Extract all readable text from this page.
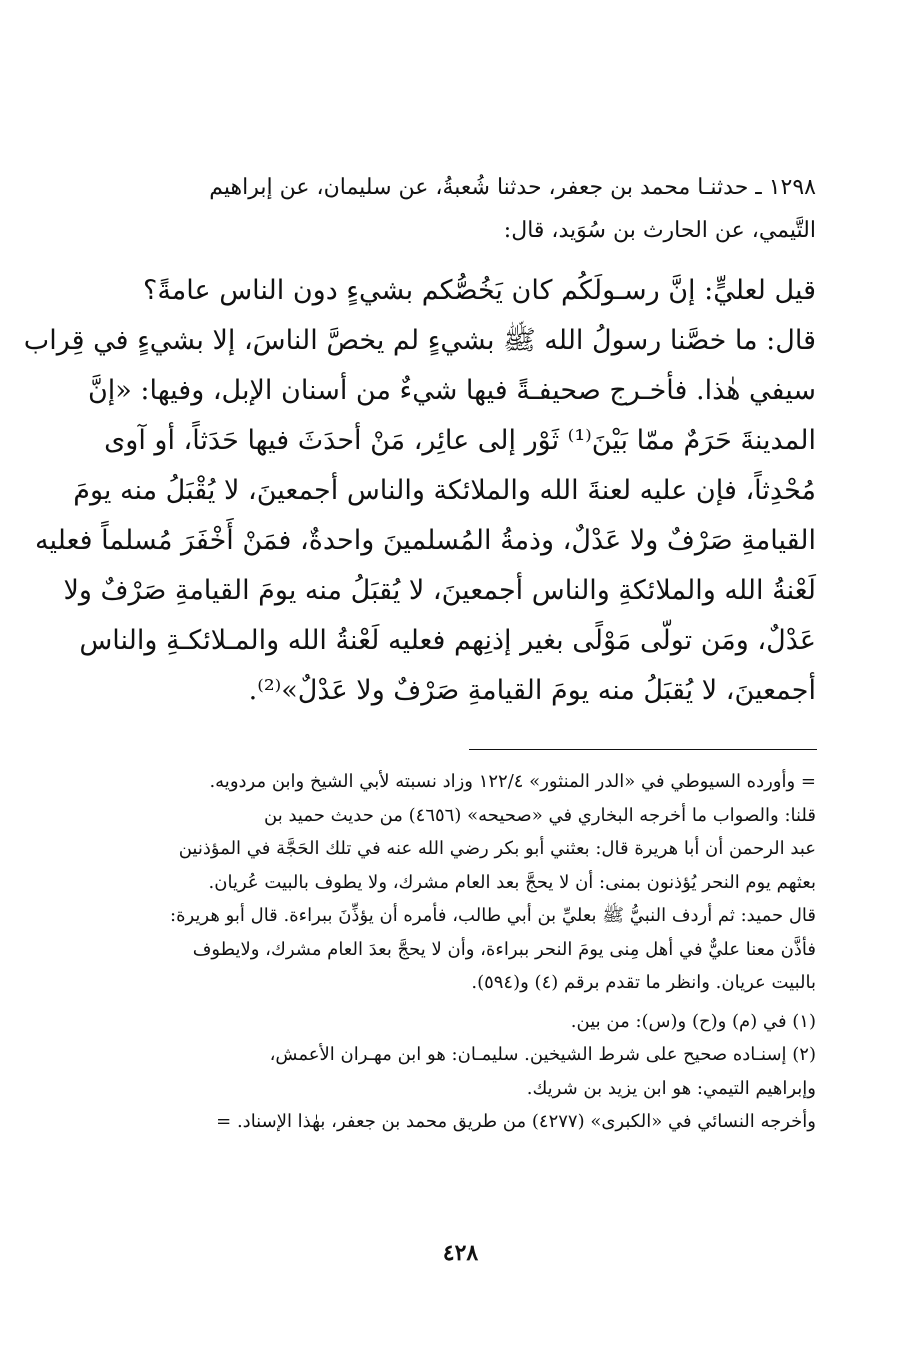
١٢٩٨ ـ حدثنـا محمد بن جعفر، حدثنا شُعبةُ، عن سليمان، عن إبراهيم
التَّيمي، عن الحارث بن سُوَيد، قال:
قيل لعليٍّ: إنَّ رسـولَكُم كان يَخُصُّكم بشيءٍ دون الناس عامةً؟
قال: ما خصَّنا رسولُ الله ﷺ بشيءٍ لم يخصَّ الناسَ، إلا بشيءٍ في قِراب
سيفي هٰذا. فأخـرج صحيفـةً فيها شيءٌ من أسنان الإبل، وفيها: «إنَّ
المدينةَ حَرَمٌ ممّا بَيْنَ⁽¹⁾ ثَوْر إلى عائِر، مَنْ أحدَثَ فيها حَدَثاً، أو آوى
مُحْدِثاً، فإن عليه لعنةَ الله والملائكة والناس أجمعينَ، لا يُقْبَلُ منه يومَ
القيامةِ صَرْفٌ ولا عَدْلٌ، وذمةُ المُسلمينَ واحدةٌ، فمَنْ أَخْفَرَ مُسلماً فعليه
لَعْنةُ الله والملائكةِ والناس أجمعينَ، لا يُقبَلُ منه يومَ القيامةِ صَرْفٌ ولا
عَدْلٌ، ومَن تولّى مَوْلًى بغير إذنِهم فعليه لَعْنةُ الله والمـلائكـةِ والناس
أجمعينَ، لا يُقبَلُ منه يومَ القيامةِ صَرْفٌ ولا عَدْلٌ»⁽²⁾.
= وأورده السيوطي في «الدر المنثور» ١٢٢/٤ وزاد نسبته لأبي الشيخ وابن مردويه.
قلنا: والصواب ما أخرجه البخاري في «صحيحه» (٤٦٥٦) من حديث حميد بن
عبد الرحمن أن أبا هريرة قال: بعثني أبو بكر رضي الله عنه في تلك الحَجَّة في المؤذنين
بعثهم يوم النحر يُؤذنون بمنى: أن لا يحجَّ بعد العام مشرك، ولا يطوف بالبيت عُريان.
قال حميد: ثم أردف النبيُّ ﷺ بعليِّ بن أبي طالب، فأمره أن يؤذِّنَ ببراءة. قال أبو هريرة:
فأذَّن معنا عليٌّ في أهل مِنى يومَ النحر ببراءة، وأن لا يحجَّ بعدَ العام مشرك، ولايطوف
بالبيت عريان. وانظر ما تقدم برقم (٤) و(٥٩٤).
(١) في (م) و(ح) و(س): من بين.
(٢) إسنـاده صحيح على شرط الشيخين. سليمـان: هو ابن مهـران الأعمش،
وإبراهيم التيمي: هو ابن يزيد بن شريك.
وأخرجه النسائي في «الكبرى» (٤٢٧٧) من طريق محمد بن جعفر، بهٰذا الإسناد. =
٤٢٨
